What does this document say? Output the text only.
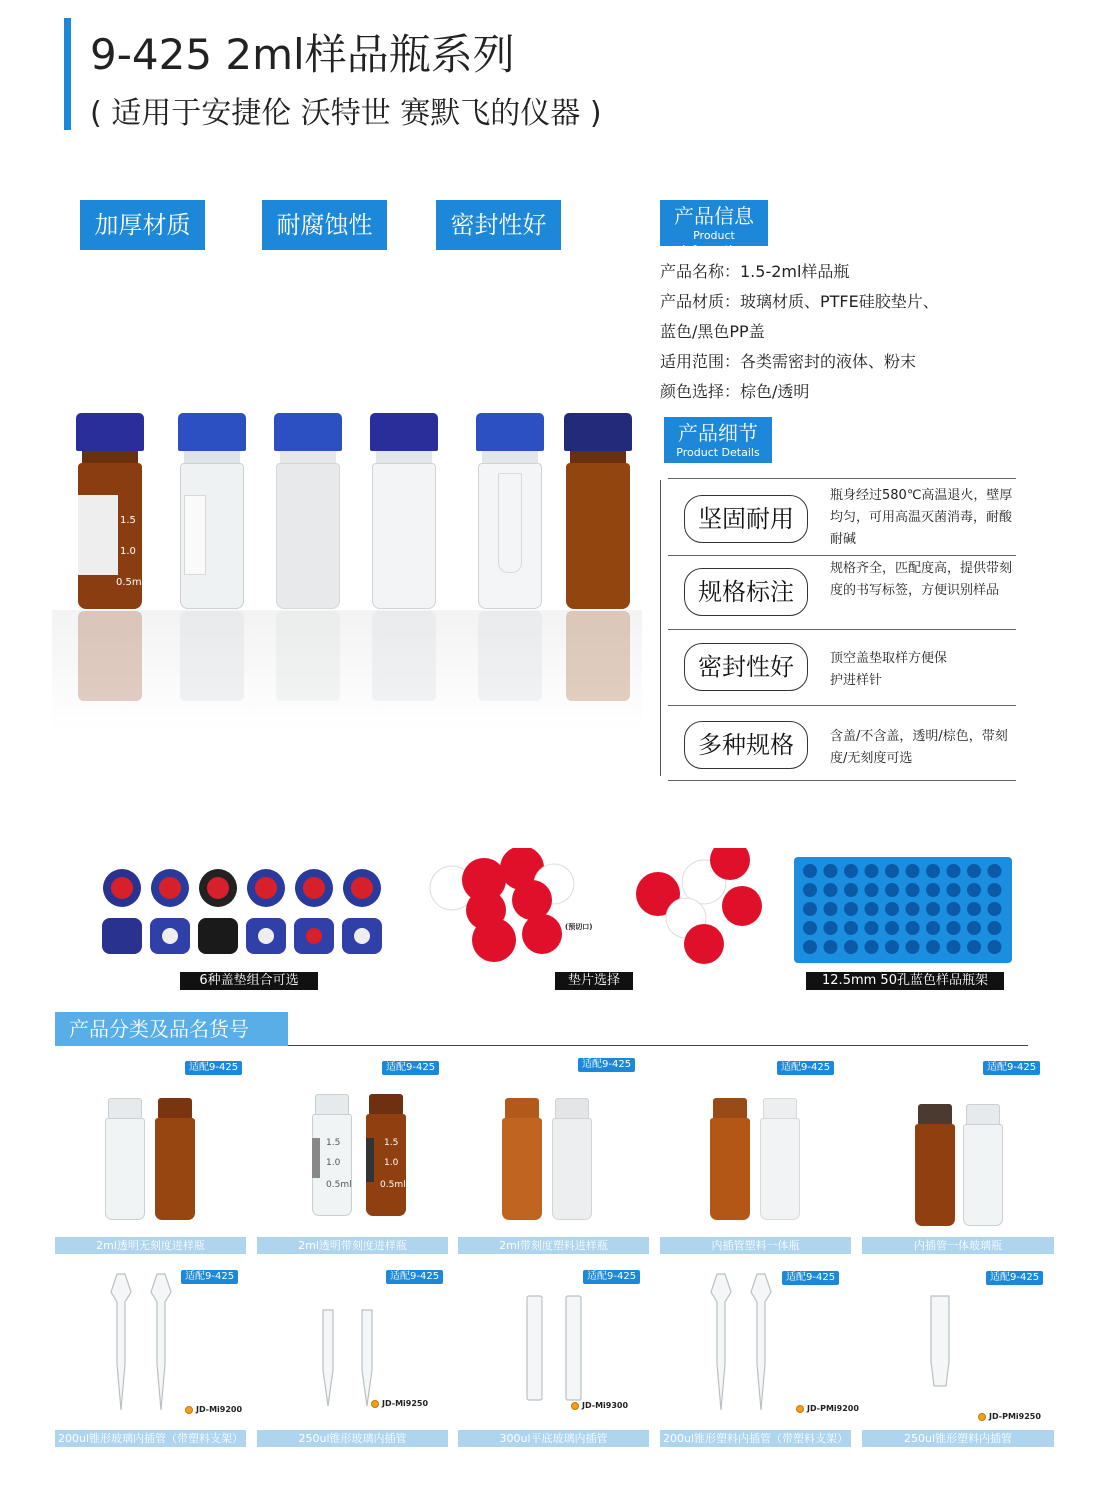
9-425 2ml样品瓶系列
( 适用于安捷伦 沃特世 赛默飞的仪器 )
加厚材质	耐腐蚀性	密封性好
1.5
1.0
0.5ml
产品信息
Product Information
产品名称：1.5-2ml样品瓶
产品材质：玻璃材质、PTFE硅胶垫片、
蓝色/黑色PP盖
适用范围：各类需密封的液体、粉末
颜色选择：棕色/透明
产品细节
Product Details
坚固耐用
瓶身经过580℃高温退火，壁厚均匀，可用高温灭菌消毒，耐酸耐碱
规格标注
规格齐全，匹配度高，提供带刻度的书写标签，方便识别样品
密封性好	顶空盖垫取样方便保护进样针
多种规格	含盖/不含盖，透明/棕色，带刻度/无刻度可选
6种盖垫组合可选
(预切口)
垫片选择	12.5mm 50孔蓝色样品瓶架
产品分类及品名货号
适配9-425	适配9-425	适配9-425	适配9-425	适配9-425
1.5
1.0
0.5ml
1.5
1.0
0.5ml
2ml透明无刻度进样瓶	2ml透明带刻度进样瓶	2ml带刻度塑料进样瓶	内插管塑料一体瓶	内插管一体玻璃瓶
适配9-425	适配9-425	适配9-425	适配9-425	适配9-425
JD-Mi9200
JD-Mi9250	JD-Mi9300	JD-PMi9200
JD-PMi9250
200ul锥形玻璃内插管（带塑料支架）	250ul锥形玻璃内插管	300ul平底玻璃内插管	200ul锥形塑料内插管（带塑料支架）	250ul锥形塑料内插管
